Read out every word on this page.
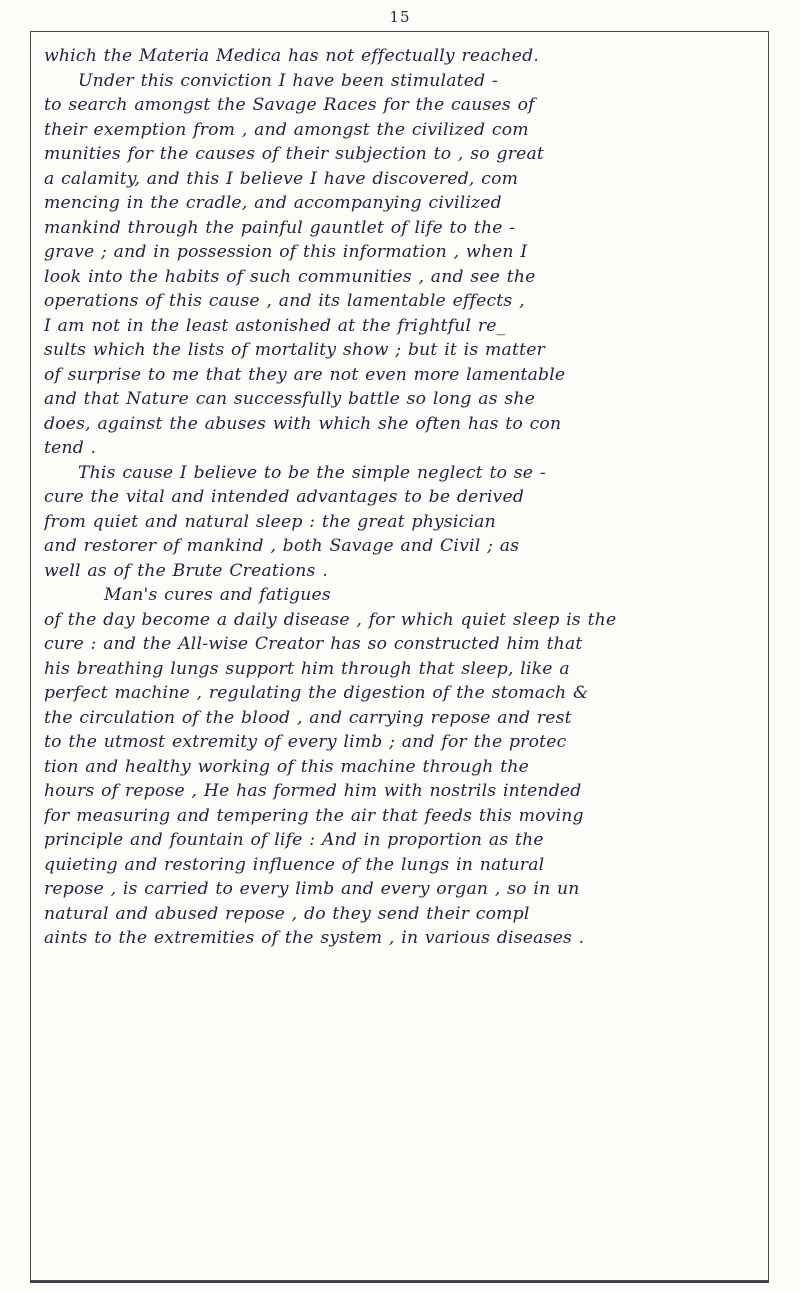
15
which the Materia Medica has not effectually reached.
Under this conviction I have been stimulated -
to search amongst the Savage Races for the causes of
their exemption from , and amongst the civilized com
munities for the causes of their subjection to , so great
a calamity, and this I believe I have discovered, com
mencing in the cradle, and accompanying civilized
mankind through the painful gauntlet of life to the -
grave ; and in possession of this information , when I
look into the habits of such communities , and see the
operations of this cause , and its lamentable effects ,
I am not in the least astonished at the frightful re_
sults which the lists of mortality show ; but it is matter
of surprise to me that they are not even more lamentable
and that Nature can successfully battle so long as she
does, against the abuses with which she often has to con
tend .
This cause I believe to be the simple neglect to se -
cure the vital and intended advantages to be derived
from quiet and natural sleep : the great physician
and restorer of mankind , both Savage and Civil ; as
well as of the Brute Creations .
Man's cures and fatigues
of the day become a daily disease , for which quiet sleep is the
cure : and the All-wise Creator has so constructed him that
his breathing lungs support him through that sleep, like a
perfect machine , regulating the digestion of the stomach &
the circulation of the blood , and carrying repose and rest
to the utmost extremity of every limb ; and for the protec
tion and healthy working of this machine through the
hours of repose , He has formed him with nostrils intended
for measuring and tempering the air that feeds this moving
principle and fountain of life : And in proportion as the
quieting and restoring influence of the lungs in natural
repose , is carried to every limb and every organ , so in un
natural and abused repose , do they send their compl
aints to the extremities of the system , in various diseases .
